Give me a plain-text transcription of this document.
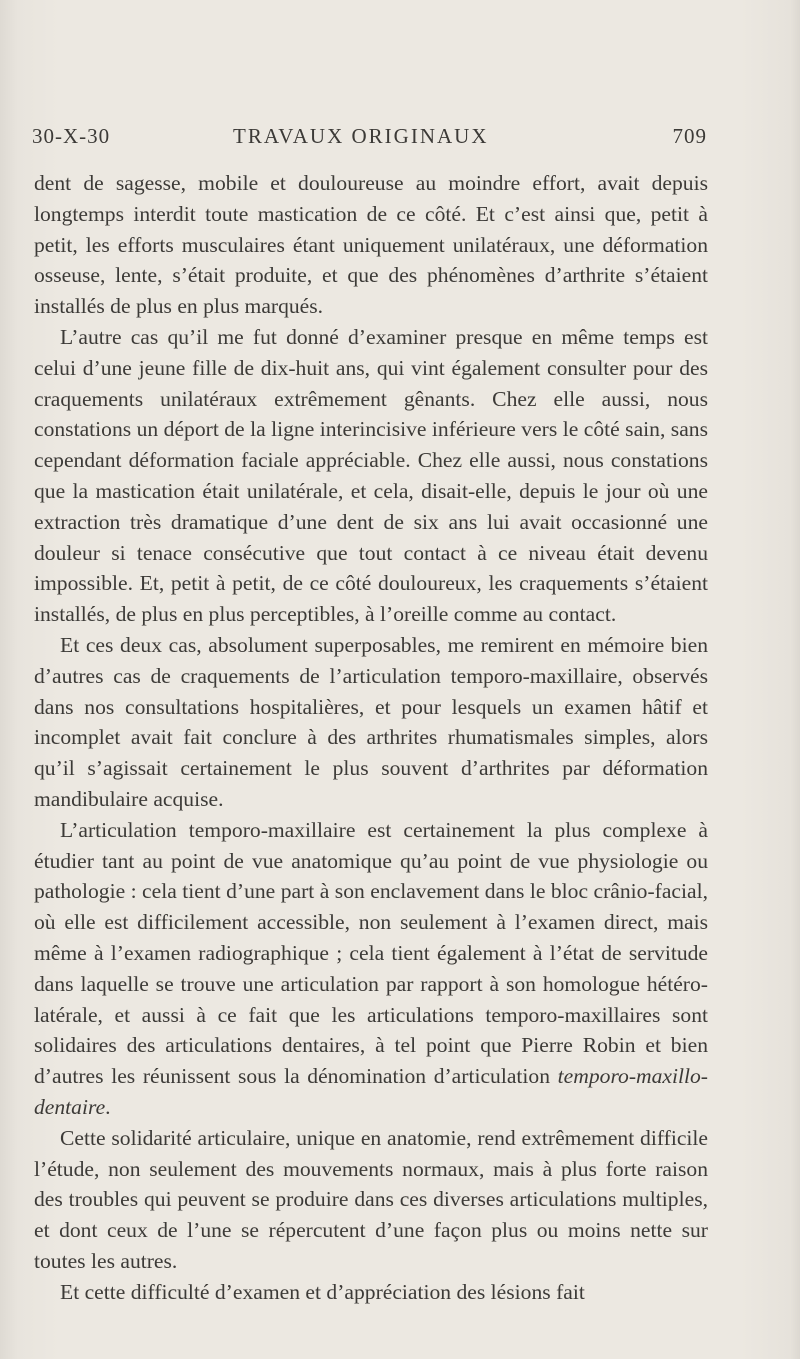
30-X-30	TRAVAUX ORIGINAUX	709

dent de sagesse, mobile et douloureuse au moindre effort, avait depuis longtemps interdit toute mastication de ce côté. Et c’est ainsi que, petit à petit, les efforts musculaires étant uniquement unilatéraux, une déformation osseuse, lente, s’était produite, et que des phénomènes d’arthrite s’étaient installés de plus en plus marqués.

L’autre cas qu’il me fut donné d’examiner presque en même temps est celui d’une jeune fille de dix-huit ans, qui vint également consulter pour des craquements unilatéraux extrêmement gênants. Chez elle aussi, nous constations un déport de la ligne interincisive inférieure vers le côté sain, sans cependant déformation faciale appréciable. Chez elle aussi, nous constations que la mastication était unilatérale, et cela, disait-elle, depuis le jour où une extraction très dramatique d’une dent de six ans lui avait occasionné une douleur si tenace consécutive que tout contact à ce niveau était devenu impossible. Et, petit à petit, de ce côté douloureux, les craquements s’étaient installés, de plus en plus perceptibles, à l’oreille comme au contact.

Et ces deux cas, absolument superposables, me remirent en mémoire bien d’autres cas de craquements de l’articulation temporo-maxillaire, observés dans nos consultations hospitalières, et pour lesquels un examen hâtif et incomplet avait fait conclure à des arthrites rhumatismales simples, alors qu’il s’agissait certainement le plus souvent d’arthrites par déformation mandibulaire acquise.

L’articulation temporo-maxillaire est certainement la plus complexe à étudier tant au point de vue anatomique qu’au point de vue physiologie ou pathologie : cela tient d’une part à son enclavement dans le bloc crânio-facial, où elle est difficilement accessible, non seulement à l’examen direct, mais même à l’examen radiographique ; cela tient également à l’état de servitude dans laquelle se trouve une articulation par rapport à son homologue hétéro-latérale, et aussi à ce fait que les articulations temporo-maxillaires sont solidaires des articulations dentaires, à tel point que Pierre Robin et bien d’autres les réunissent sous la dénomination d’articulation temporo-maxillo-dentaire.

Cette solidarité articulaire, unique en anatomie, rend extrêmement difficile l’étude, non seulement des mouvements normaux, mais à plus forte raison des troubles qui peuvent se produire dans ces diverses articulations multiples, et dont ceux de l’une se répercutent d’une façon plus ou moins nette sur toutes les autres.

Et cette difficulté d’examen et d’appréciation des lésions fait
